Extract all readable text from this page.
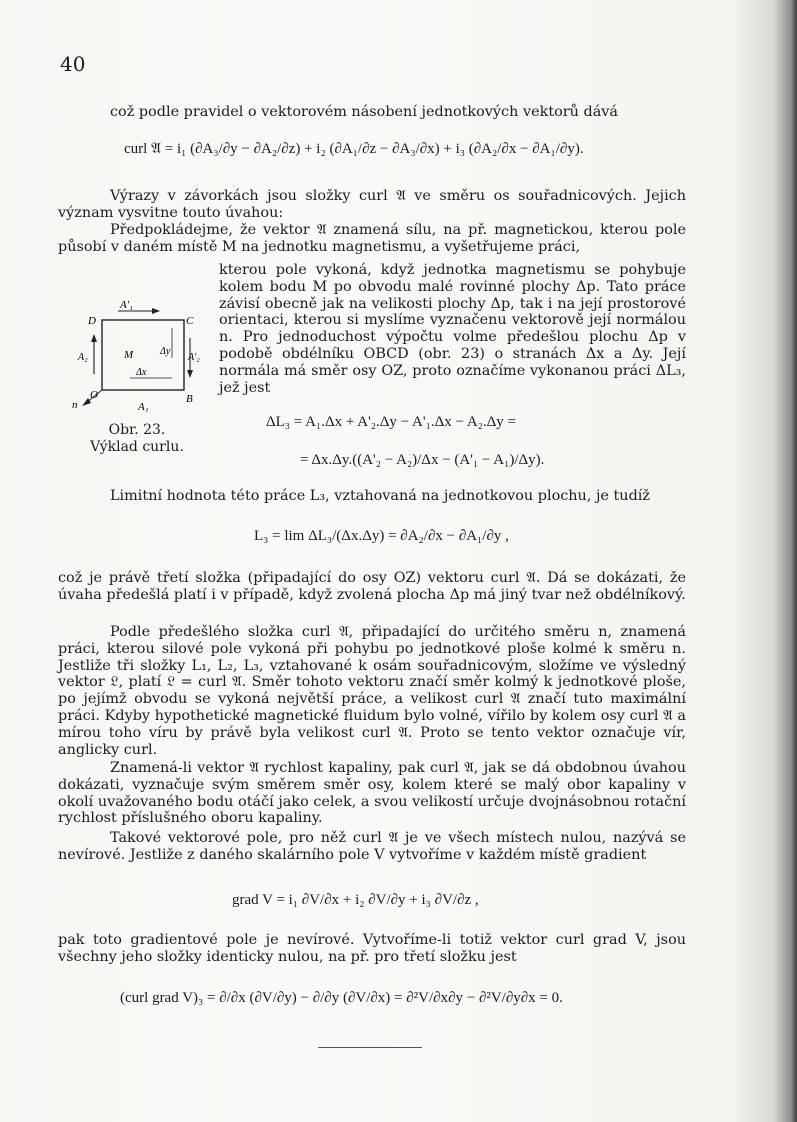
40

což podle pravidel o vektorovém násobení jednotkových vektorů dává

curl 𝔄 = i₁ (∂A₃/∂y − ∂A₂/∂z) + i₂ (∂A₁/∂z − ∂A₃/∂x) + i₃ (∂A₂/∂x − ∂A₁/∂y).

Výrazy v závorkách jsou složky curl 𝔄 ve směru os souřadnicových. Jejich význam vysvitne touto úvahou:

Předpokládejme, že vektor 𝔄 znamená sílu, na př. magnetickou, kterou pole působí v daném místě M na jednotku magnetismu, a vyšetřujeme práci,

kterou pole vykoná, když jednotka magnetismu se pohybuje kolem bodu M po obvodu malé rovinné plochy Δp. Tato práce závisí obecně jak na velikosti plochy Δp, tak i na její prostorové orientaci, kterou si myslíme vyznačenu vektorově její normálou n. Pro jednoduchost výpočtu volme předešlou plochu Δp v podobě obdélníku OBCD (obr. 23) o stranách Δx a Δy. Její normála má směr osy OZ, proto označíme vykonanou práci ΔL₃, jež jest

A'₁
D	C
A₂	M	Δy
A'₂
Δx
O	B
n	A₁
Obr. 23.
Výklad curlu.
ΔL₃ = A₁.Δx + A'₂.Δy − A'₁.Δx − A₂.Δy =
= Δx.Δy.((A'₂ − A₂)/Δx − (A'₁ − A₁)/Δy).

Limitní hodnota této práce L₃, vztahovaná na jednotkovou plochu, je tudíž

L₃ = lim ΔL₃/(Δx.Δy) = ∂A₂/∂x − ∂A₁/∂y ,

což je právě třetí složka (připadající do osy OZ) vektoru curl 𝔄. Dá se dokázati, že úvaha předešlá platí i v případě, když zvolená plocha Δp má jiný tvar než obdélníkový.

Podle předešlého složka curl 𝔄, připadající do určitého směru n, znamená práci, kterou silové pole vykoná při pohybu po jednotkové ploše kolmé k směru n. Jestliže tři složky L₁, L₂, L₃, vztahované k osám souřadnicovým, složíme ve výsledný vektor 𝔏, platí 𝔏 = curl 𝔄. Směr tohoto vektoru značí směr kolmý k jednotkové ploše, po jejímž obvodu se vykoná největší práce, a velikost curl 𝔄 značí tuto maximální práci. Kdyby hypothetické magnetické fluidum bylo volné, vířilo by kolem osy curl 𝔄 a mírou toho víru by právě byla velikost curl 𝔄. Proto se tento vektor označuje vír, anglicky curl.

Znamená-li vektor 𝔄 rychlost kapaliny, pak curl 𝔄, jak se dá obdobnou úvahou dokázati, vyznačuje svým směrem směr osy, kolem které se malý obor kapaliny v okolí uvažovaného bodu otáčí jako celek, a svou velikostí určuje dvojnásobnou rotační rychlost příslušného oboru kapaliny.

Takové vektorové pole, pro něž curl 𝔄 je ve všech místech nulou, nazývá se nevírové. Jestliže z daného skalárního pole V vytvoříme v každém místě gradient

grad V = i₁ ∂V/∂x + i₂ ∂V/∂y + i₃ ∂V/∂z ,

pak toto gradientové pole je nevírové. Vytvoříme-li totiž vektor curl grad V, jsou všechny jeho složky identicky nulou, na př. pro třetí složku jest

(curl grad V)₃ = ∂/∂x (∂V/∂y) − ∂/∂y (∂V/∂x) = ∂²V/∂x∂y − ∂²V/∂y∂x = 0.
